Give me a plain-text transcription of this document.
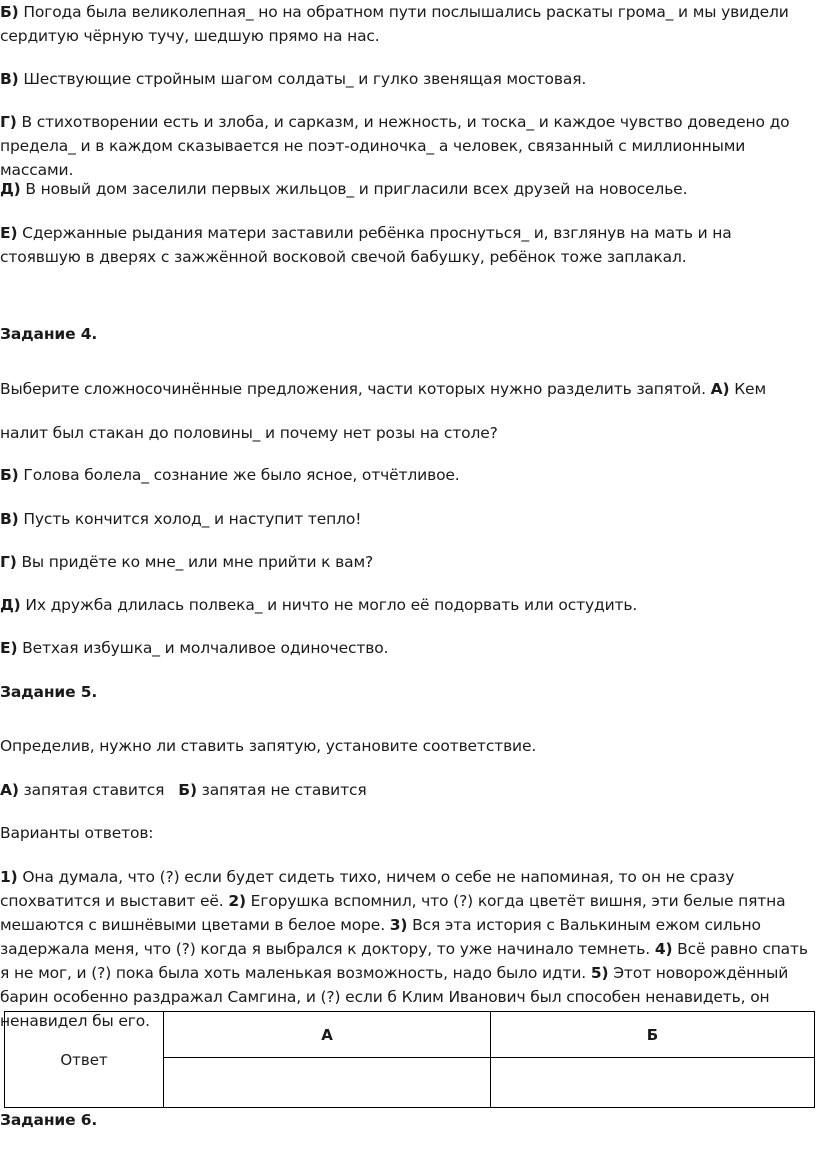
Б) Погода была великолепная_ но на обратном пути послышались раскаты грома_ и мы увидели сердитую чёрную тучу, шедшую прямо на нас.

В) Шествующие стройным шагом солдаты_ и гулко звенящая мостовая.

Г) В стихотворении есть и злоба, и сарказм, и нежность, и тоска_ и каждое чувство доведено до предела_ и в каждом сказывается не поэт-одиночка_ а человек, связанный с миллионными массами.

Д) В новый дом заселили первых жильцов_ и пригласили всех друзей на новоселье.

Е) Сдержанные рыдания матери заставили ребёнка проснуться_ и, взглянув на мать и на стоявшую в дверях с зажжённой восковой свечой бабушку, ребёнок тоже заплакал.

Задание 4.

Выберите сложносочинённые предложения, части которых нужно разделить запятой. А) Кем

налит был стакан до половины_ и почему нет розы на столе?

Б) Голова болела_ сознание же было ясное, отчётливое.

В) Пусть кончится холод_ и наступит тепло!

Г) Вы придёте ко мне_ или мне прийти к вам?

Д) Их дружба длилась полвека_ и ничто не могло её подорвать или остудить.

Е) Ветхая избушка_ и молчаливое одиночество.

Задание 5.

Определив, нужно ли ставить запятую, установите соответствие.

А) запятая ставится Б) запятая не ставится

Варианты ответов:

1) Она думала, что (?) если будет сидеть тихо, ничем о себе не напоминая, то он не сразу спохватится и выставит её. 2) Егорушка вспомнил, что (?) когда цветёт вишня, эти белые пятна мешаются с вишнёвыми цветами в белое море. 3) Вся эта история с Валькиным ежом сильно задержала меня, что (?) когда я выбрался к доктору, то уже начинало темнеть. 4) Всё равно спать я не мог, и (?) пока была хоть маленькая возможность, надо было идти. 5) Этот новорождённый барин особенно раздражал Самгина, и (?) если б Клим Иванович был способен ненавидеть, он ненавидел бы его.

Ответ	А	Б

Задание 6.
